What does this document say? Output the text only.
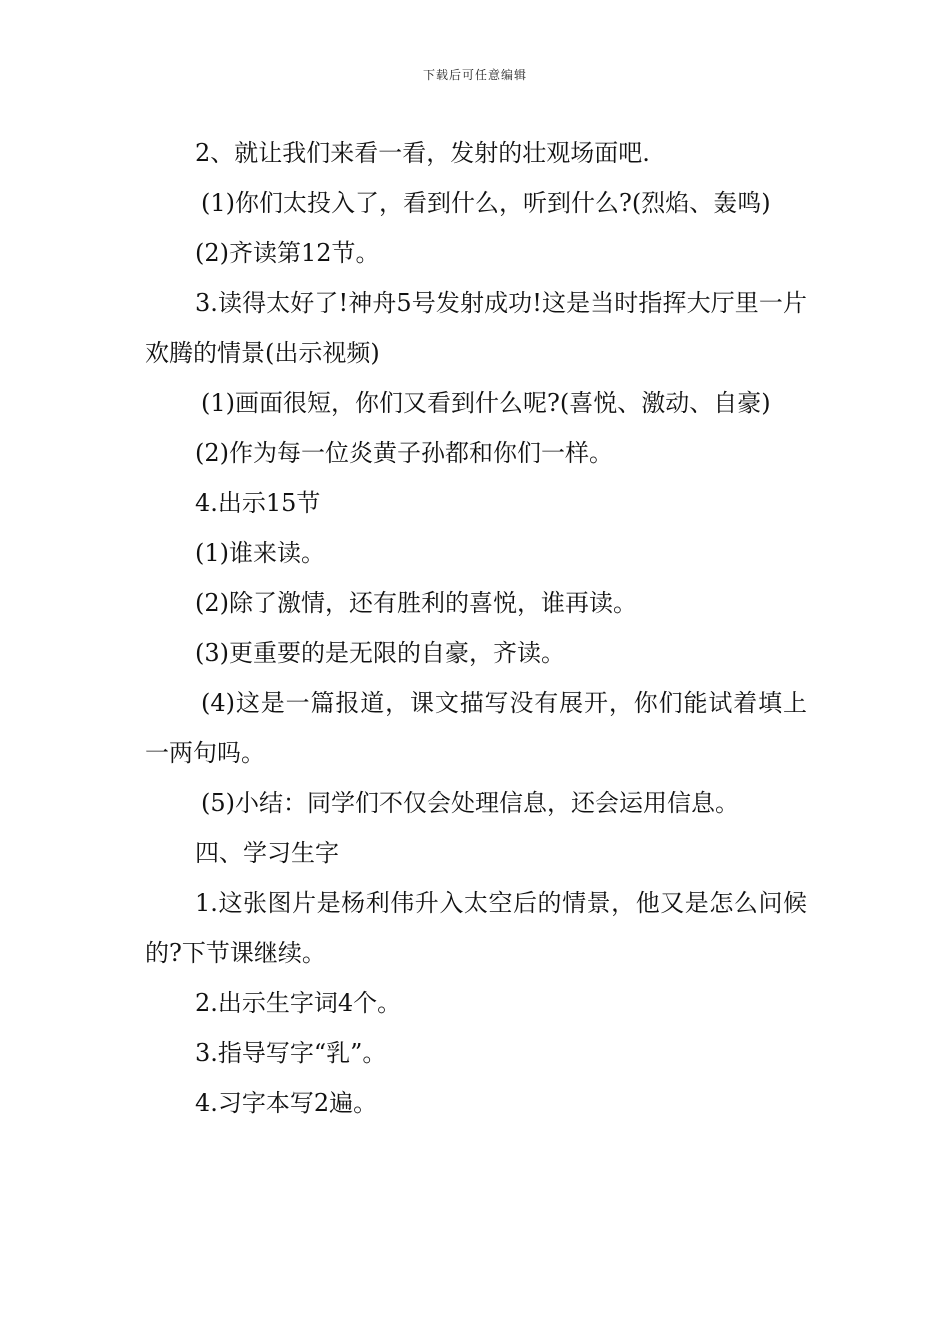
下载后可任意编辑

2、就让我们来看一看，发射的壮观场面吧.

(1)你们太投入了，看到什么，听到什么?(烈焰、轰鸣)

(2)齐读第12节。

3.读得太好了!神舟5号发射成功!这是当时指挥大厅里一片欢腾的情景(出示视频)

(1)画面很短，你们又看到什么呢?(喜悦、激动、自豪)

(2)作为每一位炎黄子孙都和你们一样。

4.出示15节

(1)谁来读。

(2)除了激情，还有胜利的喜悦，谁再读。

(3)更重要的是无限的自豪，齐读。

(4)这是一篇报道，课文描写没有展开，你们能试着填上一两句吗。

(5)小结：同学们不仅会处理信息，还会运用信息。

四、学习生字

1.这张图片是杨利伟升入太空后的情景，他又是怎么问候的?下节课继续。

2.出示生字词4个。

3.指导写字“乳”。

4.习字本写2遍。
